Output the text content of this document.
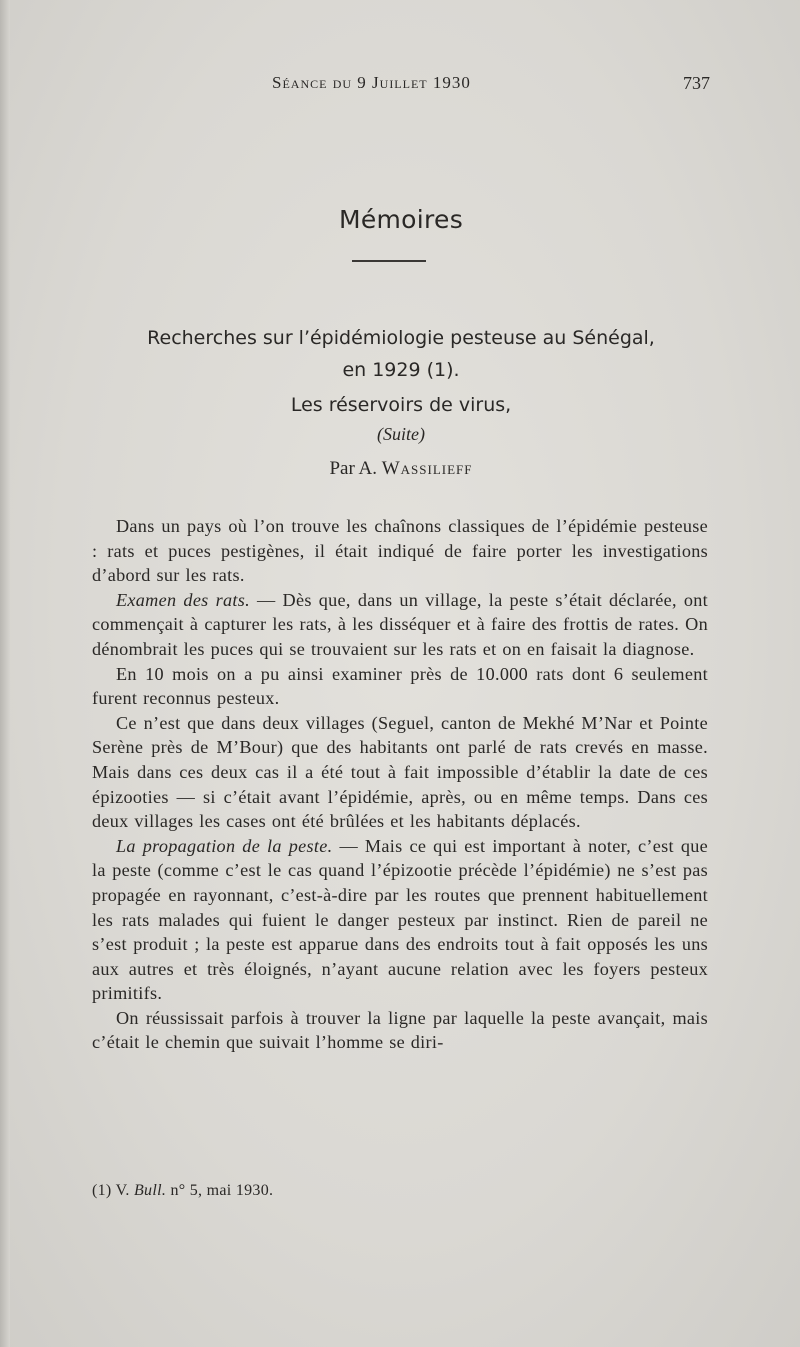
Séance du 9 Juillet 1930	737
Mémoires
Recherches sur l’épidémiologie pesteuse au Sénégal,
en 1929 (1).
Les réservoirs de virus,
(Suite)
Par A. Wassilieff

Dans un pays où l’on trouve les chaînons classiques de l’épidémie pesteuse : rats et puces pestigènes, il était indiqué de faire porter les investigations d’abord sur les rats.

Examen des rats. — Dès que, dans un village, la peste s’était déclarée, ont commençait à capturer les rats, à les disséquer et à faire des frottis de rates. On dénombrait les puces qui se trouvaient sur les rats et on en faisait la diagnose.

En 10 mois on a pu ainsi examiner près de 10.000 rats dont 6 seulement furent reconnus pesteux.

Ce n’est que dans deux villages (Seguel, canton de Mekhé M’Nar et Pointe Serène près de M’Bour) que des habitants ont parlé de rats crevés en masse. Mais dans ces deux cas il a été tout à fait impossible d’établir la date de ces épizooties — si c’était avant l’épidémie, après, ou en même temps. Dans ces deux villages les cases ont été brûlées et les habitants déplacés.

La propagation de la peste. — Mais ce qui est important à noter, c’est que la peste (comme c’est le cas quand l’épizootie précède l’épidémie) ne s’est pas propagée en rayonnant, c’est-à-dire par les routes que prennent habituellement les rats malades qui fuient le danger pesteux par instinct. Rien de pareil ne s’est produit ; la peste est apparue dans des endroits tout à fait opposés les uns aux autres et très éloignés, n’ayant aucune relation avec les foyers pesteux primitifs.

On réussissait parfois à trouver la ligne par laquelle la peste avançait, mais c’était le chemin que suivait l’homme se diri-

(1) V. Bull. n° 5, mai 1930.
